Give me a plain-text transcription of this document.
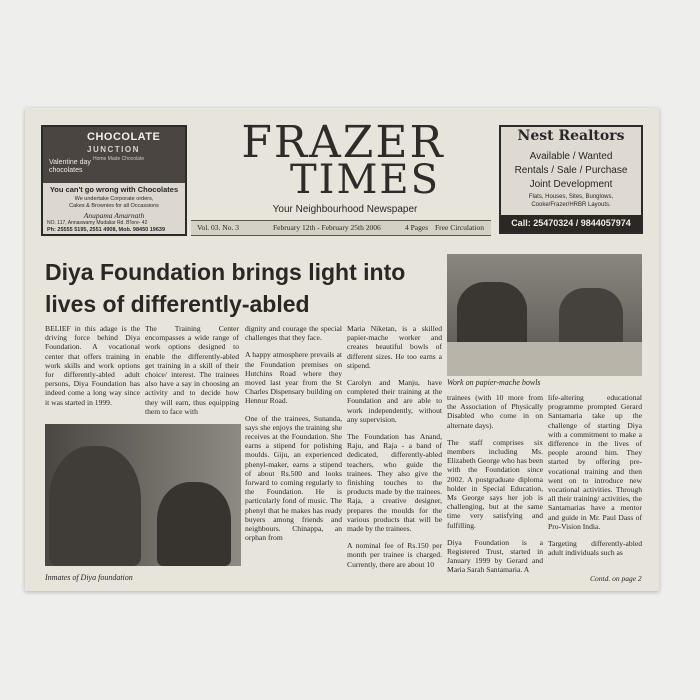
CHOCOLATE
JUNCTION
Home Made Chocolate
Valentine day chocolates
You can't go wrong with Chocolates
We undertake Corporate orders,
Cakes & Brownies for all Occassions
Anupama Amarnath
NO. 117, Annaswamy Mudaliar Rd. B'lore- 42
Ph: 25555 5195, 2551 4908, Mob. 98450 19639
FRAZER
TIMES
Your Neighbourhood Newspaper
Nest Realtors
Available / Wanted
Rentals / Sale / Purchase
Joint Development
Flats, Houses, Sites, Bunglows,
Cooke/Frazer/HRBR Layouts.
Call: 25470324 / 9844057974
Vol. 03. No. 3	February 12th - February 25th 2006	4 Pages Free Circulation
Diya Foundation brings light into
lives of differently-abled
Work on papier-mache bowls

BELIEF in this adage is the driving force behind Diya Foundation. A vocational center that offers training in work skills and work options for differently-abled adult persons, Diya Foundation has indeed come a long way since it was started in 1999.

The Training Center encompasses a wide range of work options designed to enable the differently-abled get training in a skill of their choice/ interest. The trainees also have a say in choosing an activity and to decide how they will earn, thus equipping them to face with

Inmates of Diya foundation

dignity and courage the special challenges that they face.

A happy atmosphere prevails at the Foundation premises on Hutchins Road where they moved last year from the St Charles Dispensary building on Hennur Road.

One of the trainees, Sunanda, says she enjoys the training she receives at the Foundation. She earns a stipend for polishing moulds. Giju, an experienced phenyl-maker, earns a stipend of about Rs.500 and looks forward to coming regularly to the Foundation. He is particularly fond of music. The phenyl that he makes has ready buyers among friends and neighbours. Chinappa, an orphan from

Maria Niketan, is a skilled papier-mache worker and creates beautiful bowls of different sizes. He too earns a stipend.

Carolyn and Manju, have completed their training at the Foundation and are able to work independently, without any supervision.

The Foundation has Anand, Raju, and Raja - a band of dedicated, differently-abled teachers, who guide the trainees. They also give the finishing touches to the products made by the trainees. Raja, a creative designer, prepares the moulds for the various products that will be made by the trainees.

A nominal fee of Rs.150 per month per trainee is charged. Currently, there are about 10

trainees (with 10 more from the Association of Physically Disabled who come in on alternate days).

The staff comprises six members including Ms. Elizabeth George who has been with the Foundation since 2002. A postgraduate diploma holder in Special Education, Ms George says her job is challenging, but at the same time very satisfying and fulfilling.

Diya Foundation is a Registered Trust, started in January 1999 by Gerard and Maria Sarah Santamaria. A

life-altering educational programme prompted Gerard Santamaria take up the challenge of starting Diya with a commitment to make a difference in the lives of people around him. They started by offering pre-vocational training and then went on to introduce new vocational activities. Through all their training/ activities, the Santamarias have a mentor and guide in Mr. Paul Dass of Pro-Vision India.

Targeting differently-abled adult individuals such as

Contd. on page 2
